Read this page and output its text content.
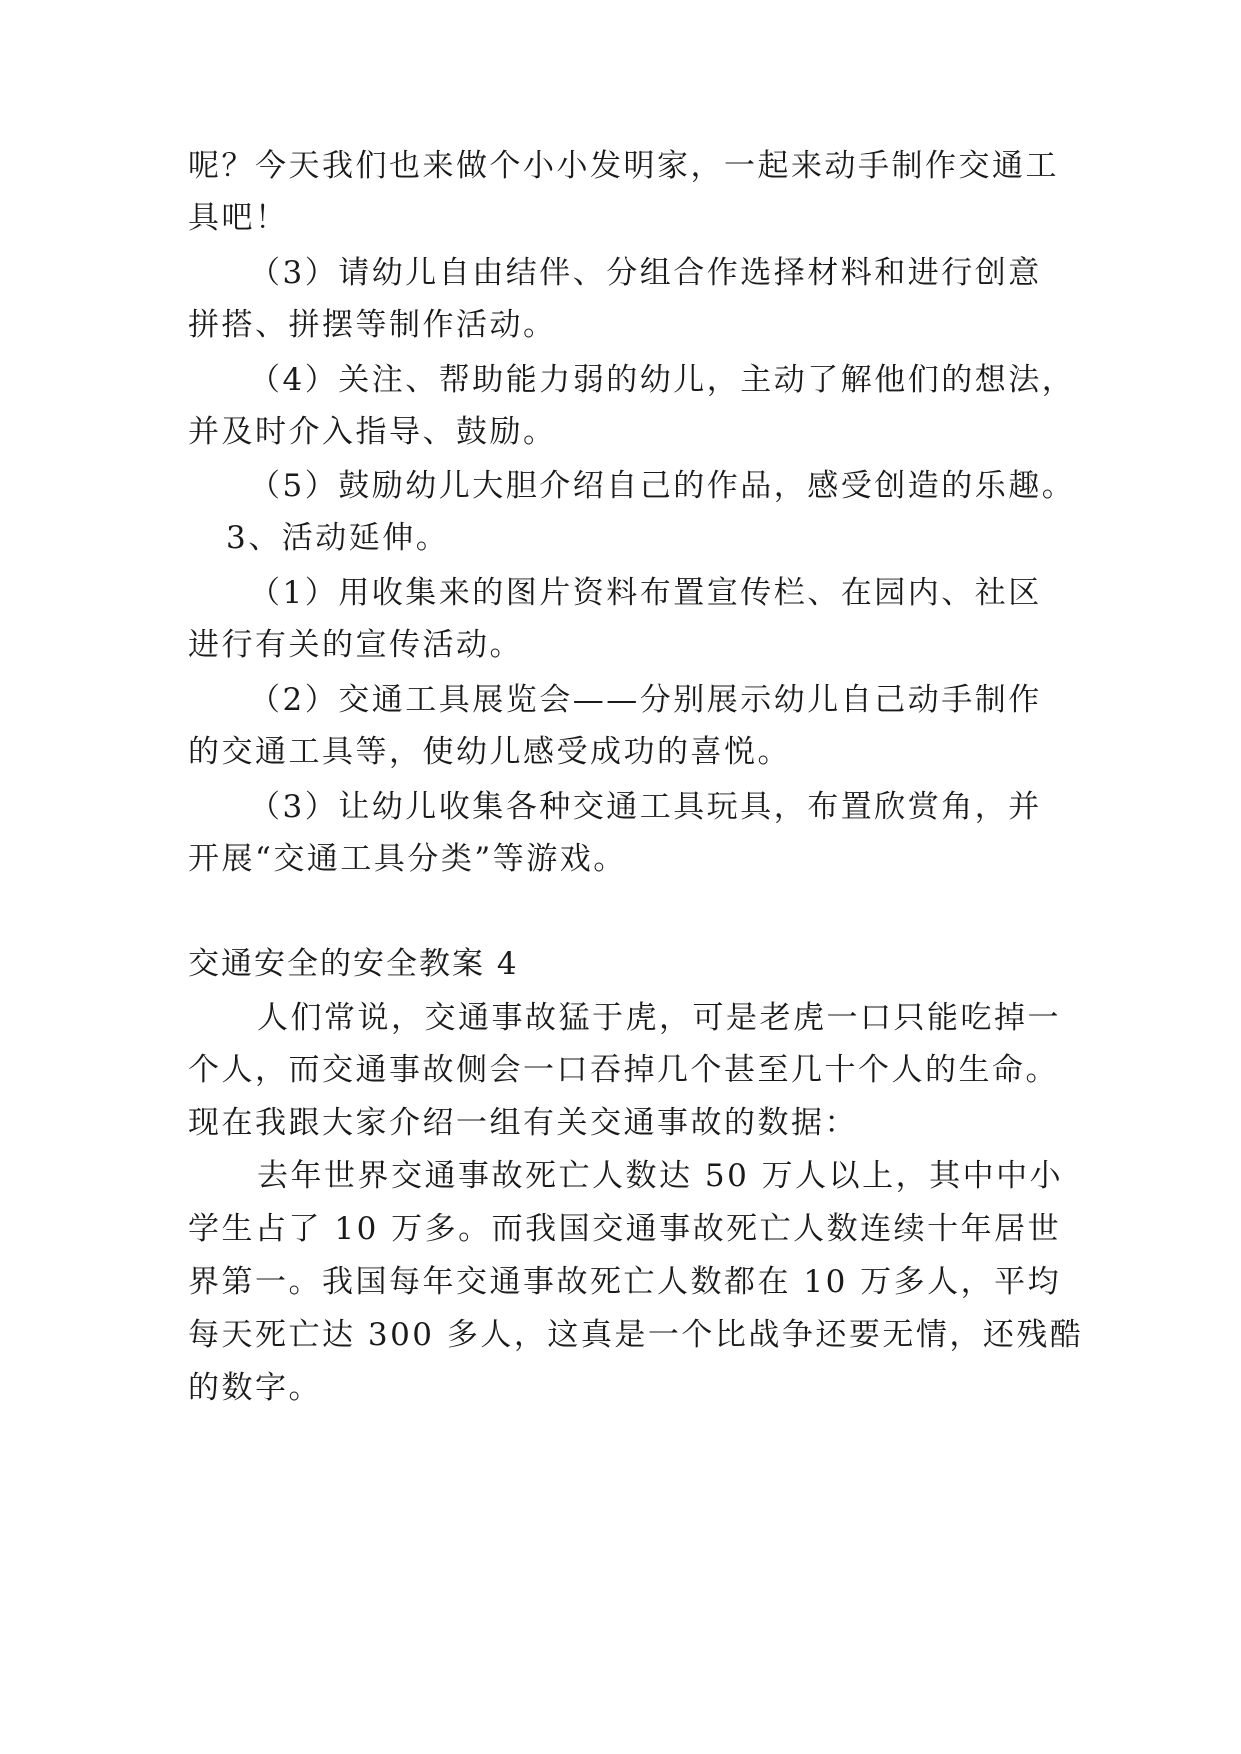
呢？今天我们也来做个小小发明家，一起来动手制作交通工
具吧！
（3）请幼儿自由结伴、分组合作选择材料和进行创意
拼搭、拼摆等制作活动。
（4）关注、帮助能力弱的幼儿，主动了解他们的想法，
并及时介入指导、鼓励。
（5）鼓励幼儿大胆介绍自己的作品，感受创造的乐趣。
3、活动延伸。
（1）用收集来的图片资料布置宣传栏、在园内、社区
进行有关的宣传活动。
（2）交通工具展览会——分别展示幼儿自己动手制作
的交通工具等，使幼儿感受成功的喜悦。
（3）让幼儿收集各种交通工具玩具，布置欣赏角，并
开展“交通工具分类”等游戏。
交通安全的安全教案 4
人们常说，交通事故猛于虎，可是老虎一口只能吃掉一
个人，而交通事故侧会一口吞掉几个甚至几十个人的生命。
现在我跟大家介绍一组有关交通事故的数据：
去年世界交通事故死亡人数达 50 万人以上，其中中小
学生占了 10 万多。而我国交通事故死亡人数连续十年居世
界第一。我国每年交通事故死亡人数都在 10 万多人，平均
每天死亡达 300 多人，这真是一个比战争还要无情，还残酷
的数字。
